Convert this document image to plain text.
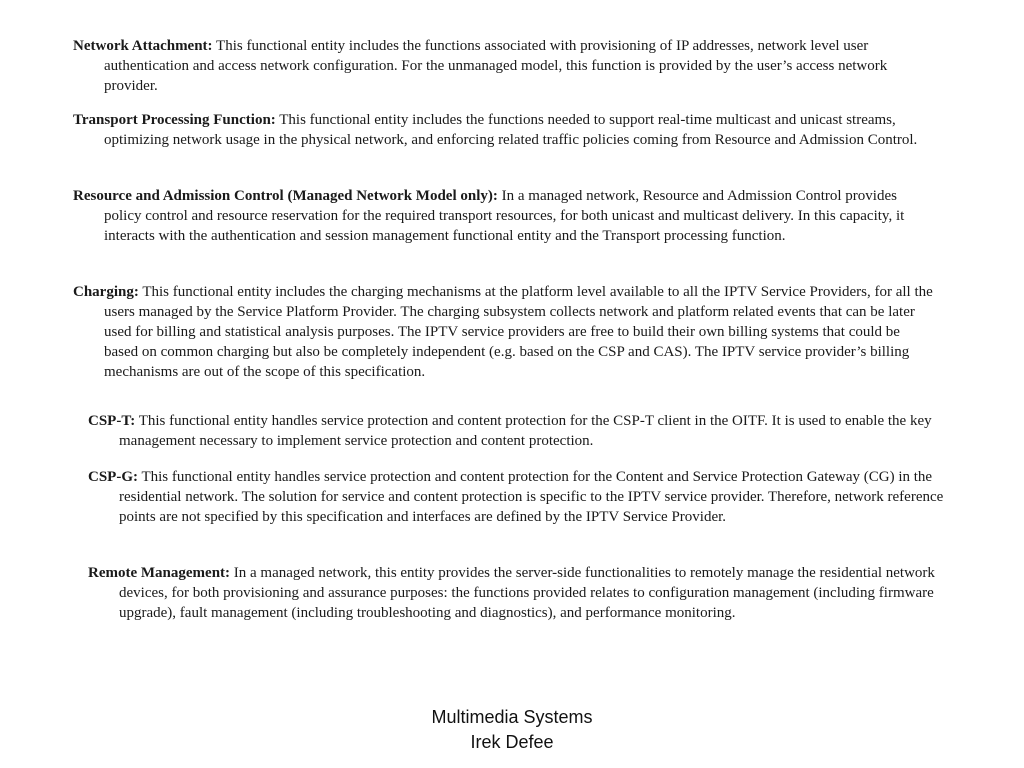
Network Attachment: This functional entity includes the functions associated with provisioning of IP addresses, network level user authentication and access network configuration. For the unmanaged model, this function is provided by the user’s access network provider.

Transport Processing Function: This functional entity includes the functions needed to support real-time multicast and unicast streams, optimizing network usage in the physical network, and enforcing related traffic policies coming from Resource and Admission Control.

Resource and Admission Control (Managed Network Model only): In a managed network, Resource and Admission Control provides policy control and resource reservation for the required transport resources, for both unicast and multicast delivery. In this capacity, it interacts with the authentication and session management functional entity and the Transport processing function.

Charging: This functional entity includes the charging mechanisms at the platform level available to all the IPTV Service Providers, for all the users managed by the Service Platform Provider. The charging subsystem collects network and platform related events that can be later used for billing and statistical analysis purposes. The IPTV service providers are free to build their own billing systems that could be based on common charging but also be completely independent (e.g. based on the CSP and CAS). The IPTV service provider’s billing mechanisms are out of the scope of this specification.

CSP-T: This functional entity handles service protection and content protection for the CSP-T client in the OITF. It is used to enable the key management necessary to implement service protection and content protection.

CSP-G: This functional entity handles service protection and content protection for the Content and Service Protection Gateway (CG) in the residential network. The solution for service and content protection is specific to the IPTV service provider. Therefore, network reference points are not specified by this specification and interfaces are defined by the IPTV Service Provider.

Remote Management: In a managed network, this entity provides the server-side functionalities to remotely manage the residential network devices, for both provisioning and assurance purposes: the functions provided relates to configuration management (including firmware upgrade), fault management (including troubleshooting and diagnostics), and performance monitoring.

Multimedia Systems
Irek Defee
